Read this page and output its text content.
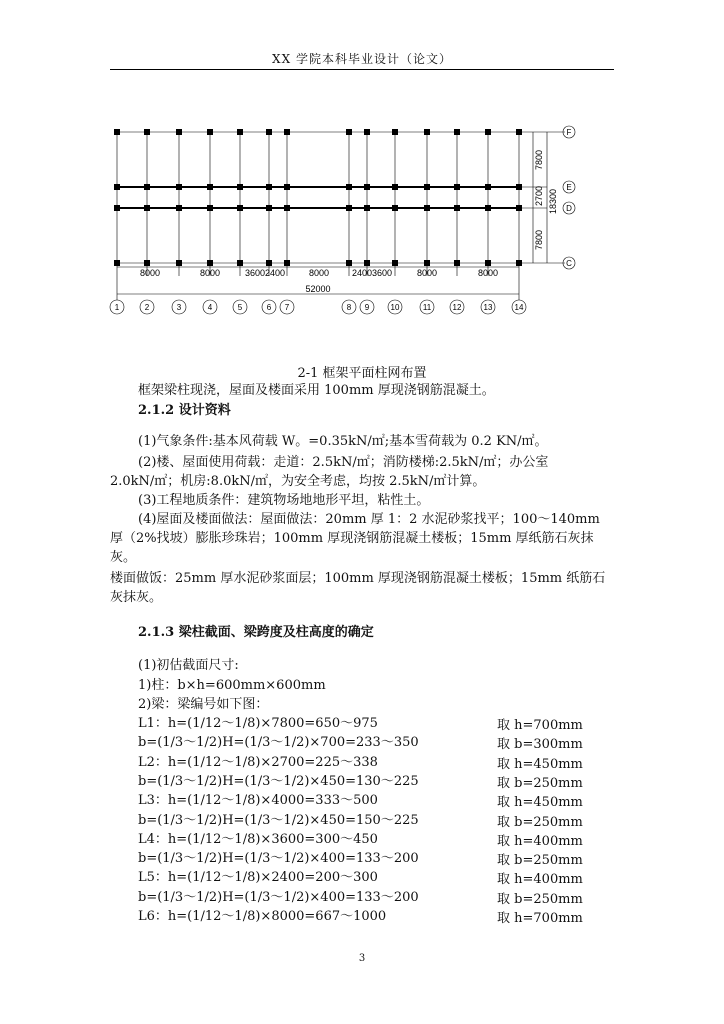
XX 学院本科毕业设计（论文）
7800
2700 18300
7800
F
E
D
C
8000	8000	36002400	8000	24003600	8000	8000
52000
1	2	3	4	5	6 7	8 9	10	11	12	13	14
2-1 框架平面柱网布置
框架梁柱现浇，屋面及楼面采用 100mm 厚现浇钢筋混凝土。
2.1.2 设计资料
(1)气象条件:基本风荷载 W。=0.35kN/㎡;基本雪荷载为 0.2 KN/㎡。
(2)楼、屋面使用荷载：走道：2.5kN/㎡；消防楼梯:2.5kN/㎡；办公室
2.0kN/㎡；机房:8.0kN/㎡，为安全考虑，均按 2.5kN/㎡计算。
(3)工程地质条件：建筑物场地地形平坦，粘性土。
(4)屋面及楼面做法：屋面做法：20mm 厚 1：2 水泥砂浆找平；100～140mm
厚（2%找坡）膨胀珍珠岩；100mm 厚现浇钢筋混凝土楼板；15mm 厚纸筋石灰抹
灰。
楼面做饭：25mm 厚水泥砂浆面层；100mm 厚现浇钢筋混凝土楼板；15mm 纸筋石
灰抹灰。
2.1.3 梁柱截面、梁跨度及柱高度的确定
(1)初估截面尺寸:
1)柱：b×h=600mm×600mm
2)梁：梁编号如下图：
L1：h=(1/12～1/8)×7800=650～975	取 h=700mm
b=(1/3～1/2)H=(1/3～1/2)×700=233～350	取 b=300mm
L2：h=(1/12～1/8)×2700=225～338	取 h=450mm
b=(1/3～1/2)H=(1/3～1/2)×450=130～225	取 b=250mm
L3：h=(1/12～1/8)×4000=333～500	取 h=450mm
b=(1/3～1/2)H=(1/3～1/2)×450=150～225	取 b=250mm
L4：h=(1/12～1/8)×3600=300～450	取 h=400mm
b=(1/3～1/2)H=(1/3～1/2)×400=133～200	取 b=250mm
L5：h=(1/12～1/8)×2400=200～300	取 h=400mm
b=(1/3～1/2)H=(1/3～1/2)×400=133～200	取 b=250mm
L6：h=(1/12～1/8)×8000=667～1000	取 h=700mm
3
